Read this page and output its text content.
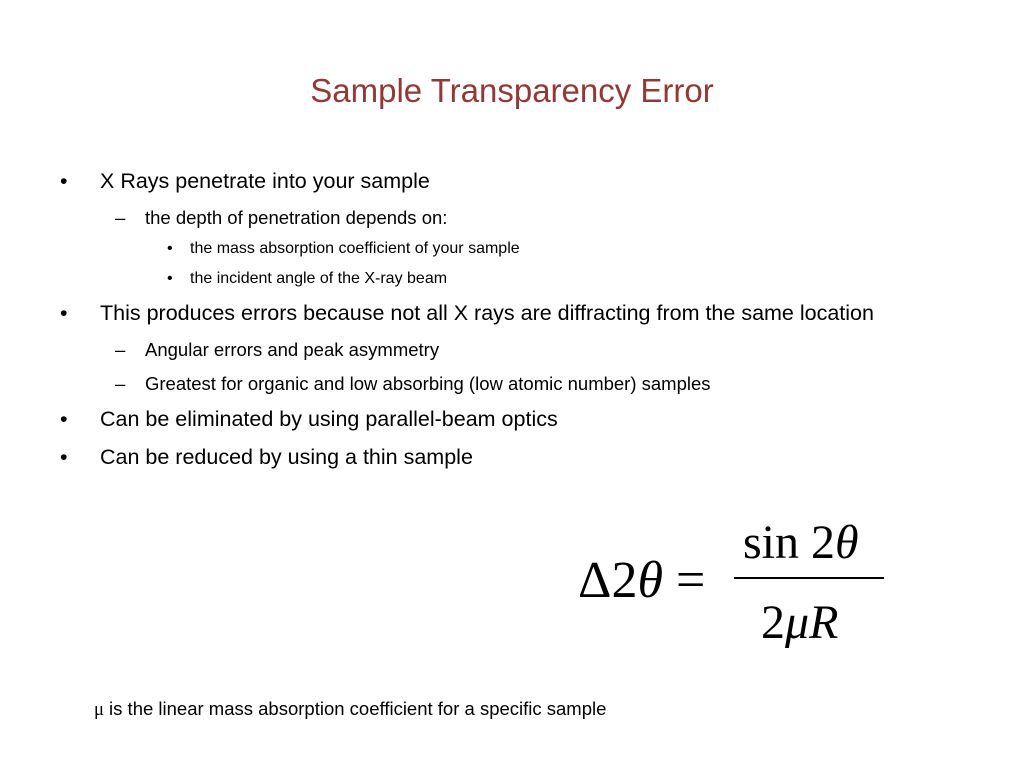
Sample Transparency Error
• X Rays penetrate into your sample
– the depth of penetration depends on:
• the mass absorption coefficient of your sample
• the incident angle of the X-ray beam
• This produces errors because not all X rays are diffracting from the same location
– Angular errors and peak asymmetry
– Greatest for organic and low absorbing (low atomic number) samples
• Can be eliminated by using parallel-beam optics
• Can be reduced by using a thin sample
Δ2θ =
sin 2θ
2μR
μ is the linear mass absorption coefficient for a specific sample
